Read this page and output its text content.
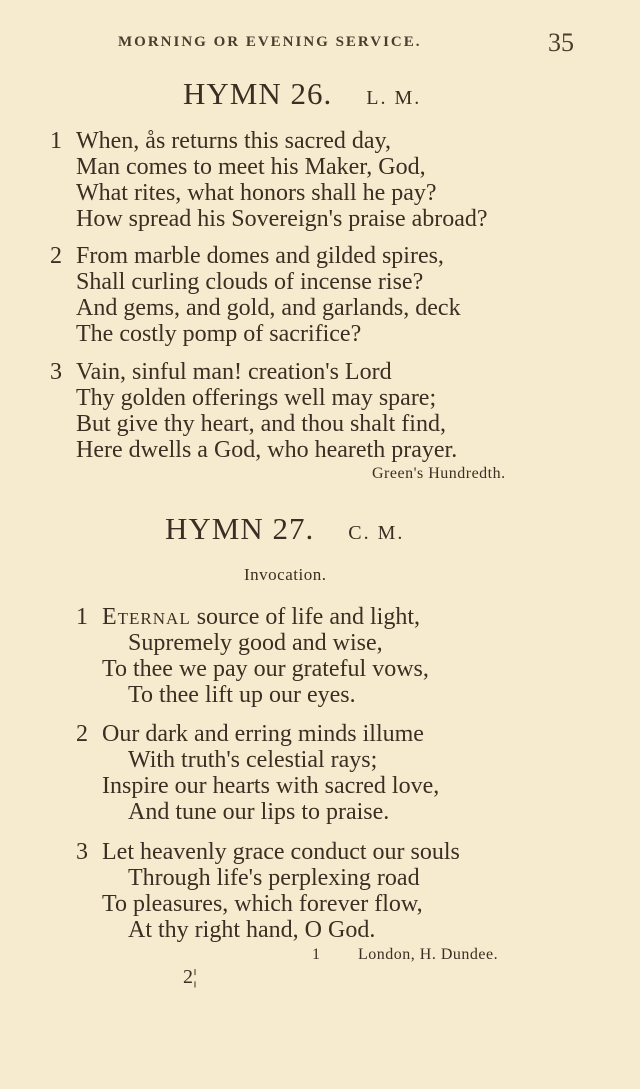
MORNING OR EVENING SERVICE.	35
HYMN 26. L. M.
1 When, ås returns this sacred day,
Man comes to meet his Maker, God,
What rites, what honors shall he pay?
How spread his Sovereign's praise abroad?
2 From marble domes and gilded spires,
Shall curling clouds of incense rise?
And gems, and gold, and garlands, deck
The costly pomp of sacrifice?
3 Vain, sinful man! creation's Lord
Thy golden offerings well may spare;
But give thy heart, and thou shalt find,
Here dwells a God, who heareth prayer.
Green's Hundredth.
HYMN 27. C. M.
Invocation.
1 Eternal source of life and light,
Supremely good and wise,
To thee we pay our grateful vows,
To thee lift up our eyes.
2 Our dark and erring minds illume
With truth's celestial rays;
Inspire our hearts with sacred love,
And tune our lips to praise.
3 Let heavenly grace conduct our souls
Through life's perplexing road
To pleasures, which forever flow,
At thy right hand, O God.
1 London, H. Dundee.
2¦
